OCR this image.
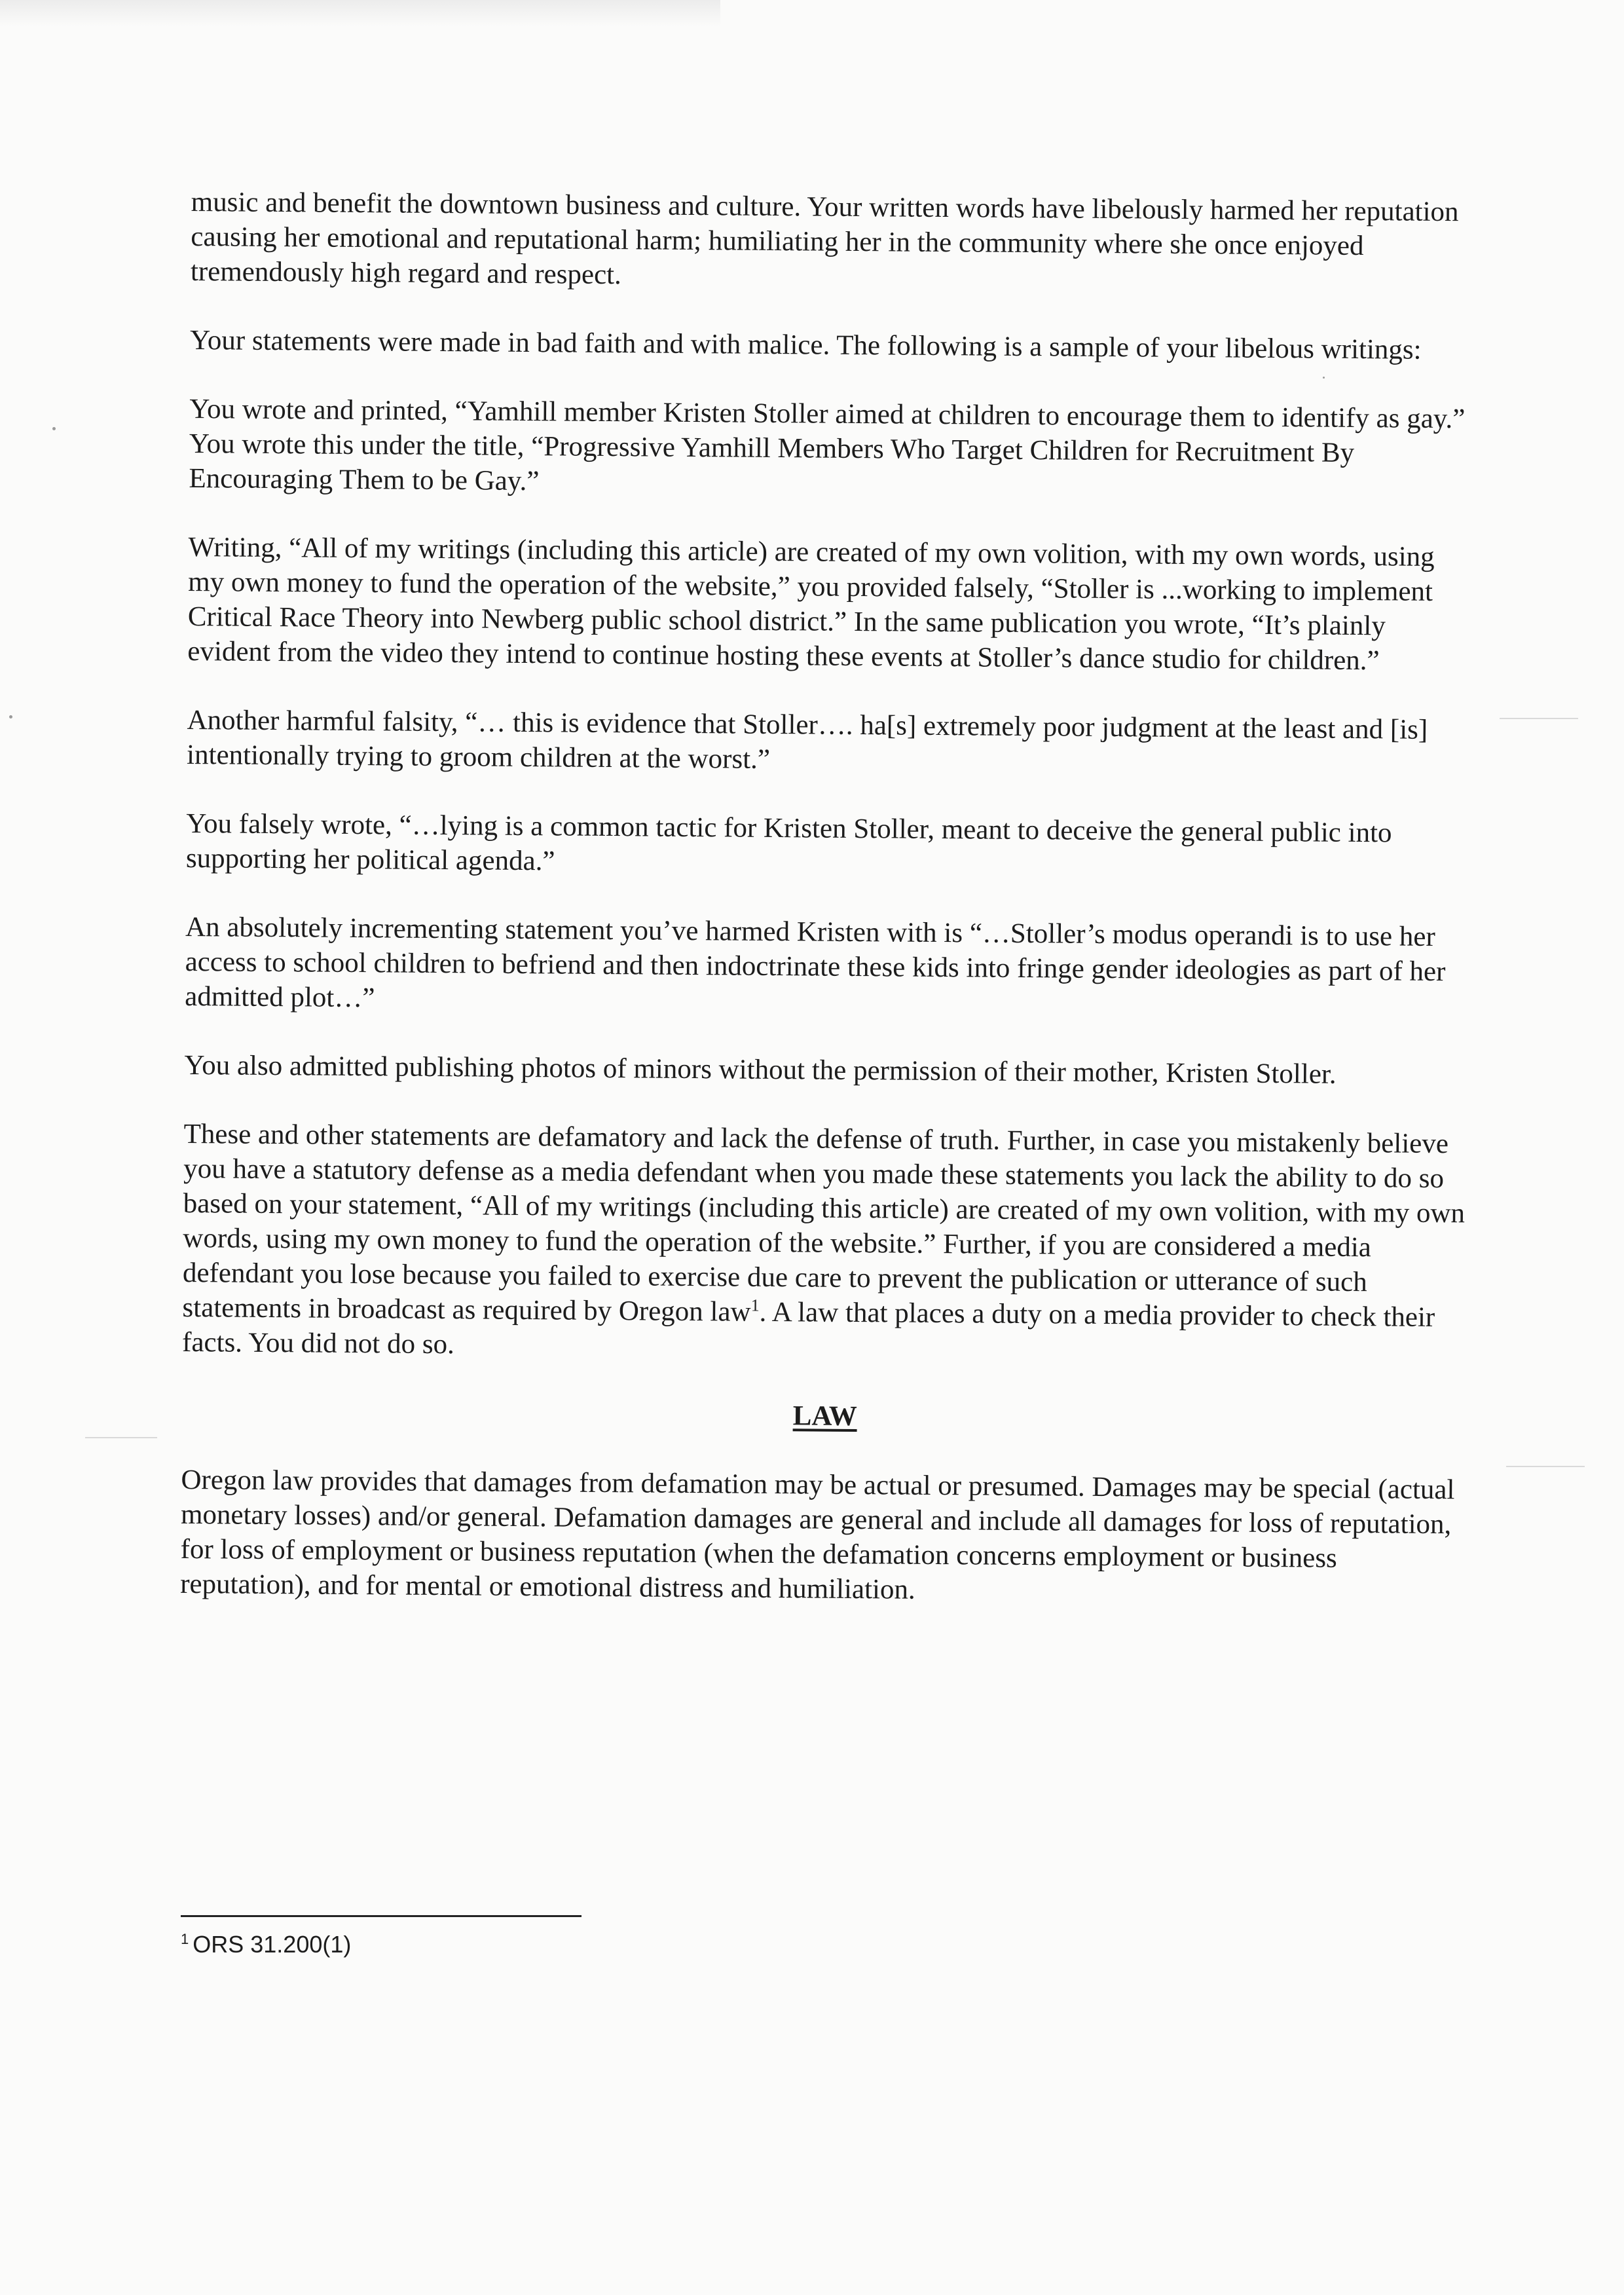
music and benefit the downtown business and culture. Your written words have libelously harmed her reputation causing her emotional and reputational harm; humiliating her in the community where she once enjoyed tremendously high regard and respect.

Your statements were made in bad faith and with malice. The following is a sample of your libelous writings:

You wrote and printed, “Yamhill member Kristen Stoller aimed at children to encourage them to identify as gay.” You wrote this under the title, “Progressive Yamhill Members Who Target Children for Recruitment By Encouraging Them to be Gay.”

Writing, “All of my writings (including this article) are created of my own volition, with my own words, using my own money to fund the operation of the website,” you provided falsely, “Stoller is ...working to implement Critical Race Theory into Newberg public school district.” In the same publication you wrote, “It’s plainly evident from the video they intend to continue hosting these events at Stoller’s dance studio for children.”

Another harmful falsity, “… this is evidence that Stoller…. ha[s] extremely poor judgment at the least and [is] intentionally trying to groom children at the worst.”

You falsely wrote, “…lying is a common tactic for Kristen Stoller, meant to deceive the general public into supporting her political agenda.”

An absolutely incrementing statement you’ve harmed Kristen with is “…Stoller’s modus operandi is to use her access to school children to befriend and then indoctrinate these kids into fringe gender ideologies as part of her admitted plot…”

You also admitted publishing photos of minors without the permission of their mother, Kristen Stoller.

These and other statements are defamatory and lack the defense of truth. Further, in case you mistakenly believe you have a statutory defense as a media defendant when you made these statements you lack the ability to do so based on your statement, “All of my writings (including this article) are created of my own volition, with my own words, using my own money to fund the operation of the website.” Further, if you are considered a media defendant you lose because you failed to exercise due care to prevent the publication or utterance of such statements in broadcast as required by Oregon law$^1$. A law that places a duty on a media provider to check their facts. You did not do so.

LAW

Oregon law provides that damages from defamation may be actual or presumed. Damages may be special (actual monetary losses) and/or general. Defamation damages are general and include all damages for loss of reputation, for loss of employment or business reputation (when the defamation concerns employment or business reputation), and for mental or emotional distress and humiliation.

$^1$ ORS 31.200(1)
